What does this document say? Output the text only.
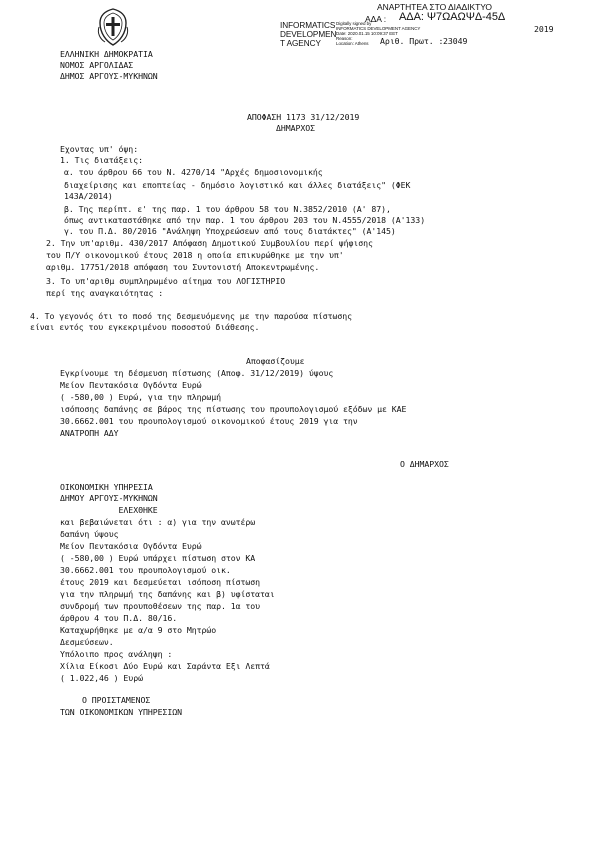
ΑΝΑΡΤΗΤΕΑ ΣΤΟ ΔΙΑΔΙΚΤΥΟ
ΑΔΑ : ΑΔΑ: Ψ7ΩΑΩΨΔ-45Δ
INFORMATICS
DEVELOPMEN
T AGENCY
Digitally signed by
INFORMATICS DEVELOPMENT AGENCY
Date: 2020.01.15 10:09:37 EET
Reason:
Location: Athens
2019
Αριθ. Πρωτ. : 23049
ΕΛΛΗΝΙΚΗ ΔΗΜΟΚΡΑΤΙΑ
ΝΟΜΟΣ ΑΡΓΟΛΙΔΑΣ
ΔΗΜΟΣ ΑΡΓΟΥΣ-ΜΥΚΗΝΩΝ
ΑΠΟΦΑΣΗ 1173 31/12/2019
ΔΗΜΑΡΧΟΣ
Εχοντας υπ' όψη:
1. Τις διατάξεις:
α. του άρθρου 66 του Ν. 4270/14 "Αρχές δημοσιονομικής
διαχείρισης και εποπτείας - δημόσιο λογιστικό και άλλες διατάξεις" (ΦΕΚ
143Α/2014)
β. Της περίπτ. ε' της παρ. 1 του άρθρου 58 του Ν.3852/2010 (Α' 87),
όπως αντικαταστάθηκε από την παρ. 1 του άρθρου 203 του Ν.4555/2018 (Α'133)
γ. του Π.Δ. 80/2016 "Ανάληψη Υποχρεώσεων από τους διατάκτες" (Α'145)
2. Την υπ'αριθμ. 430/2017 Απόφαση Δημοτικού Συμβουλίου περί ψήφισης
του Π/Υ οικονομικού έτους 2018 η οποία επικυρώθηκε με την υπ'
αριθμ. 17751/2018 απόφαση του Συντονιστή Αποκεντρωμένης.
3. Το υπ'αριθμ συμπληρωμένο αίτημα του ΛΟΓΙΣΤΗΡΙΟ
περί της αναγκαιότητας :
4. Το γεγονός ότι το ποσό της δεσμευόμενης με την παρούσα πίστωσης
είναι εντός του εγκεκριμένου ποσοστού διάθεσης.
Αποφασίζουμε
Εγκρίνουμε τη δέσμευση πίστωσης (Αποφ. 31/12/2019) ύψους
Μείον Πεντακόσια Ογδόντα Ευρώ
( -580,00 ) Ευρώ, για την πληρωμή
ισόποσης δαπάνης σε βάρος της πίστωσης του προυπολογισμού εξόδων με ΚΑΕ
30.6662.001 του προυπολογισμού οικονομικού έτους 2019 για την
ΑΝΑΤΡΟΠΗ ΑΔΥ
Ο ΔΗΜΑΡΧΟΣ
ΟΙΚΟΝΟΜΙΚΗ ΥΠΗΡΕΣΙΑ
ΔΗΜΟΥ ΑΡΓΟΥΣ-ΜΥΚΗΝΩΝ
ΕΛΕΧΘΗΚΕ
και βεβαιώνεται ότι : α) για την ανωτέρω
δαπάνη ύψους
Μείον Πεντακόσια Ογδόντα Ευρώ
( -580,00 ) Ευρώ υπάρχει πίστωση στον ΚΑ
30.6662.001 του προυπολογισμού οικ.
έτους 2019 και δεσμεύεται ισόποση πίστωση
για την πληρωμή της δαπάνης και β) υφίσταται
συνδρομή των προυποθέσεων της παρ. 1α του
άρθρου 4 του Π.Δ. 80/16.
Καταχωρήθηκε με α/α 9 στο Μητρώο
Δεσμεύσεων.
Υπόλοιπο προς ανάληψη :
Χίλια Είκοσι Δύο Ευρώ και Σαράντα Εξι Λεπτά
( 1.022,46 ) Ευρώ
Ο ΠΡΟΙΣΤΑΜΕΝΟΣ
ΤΩΝ ΟΙΚΟΝΟΜΙΚΩΝ ΥΠΗΡΕΣΙΩΝ
